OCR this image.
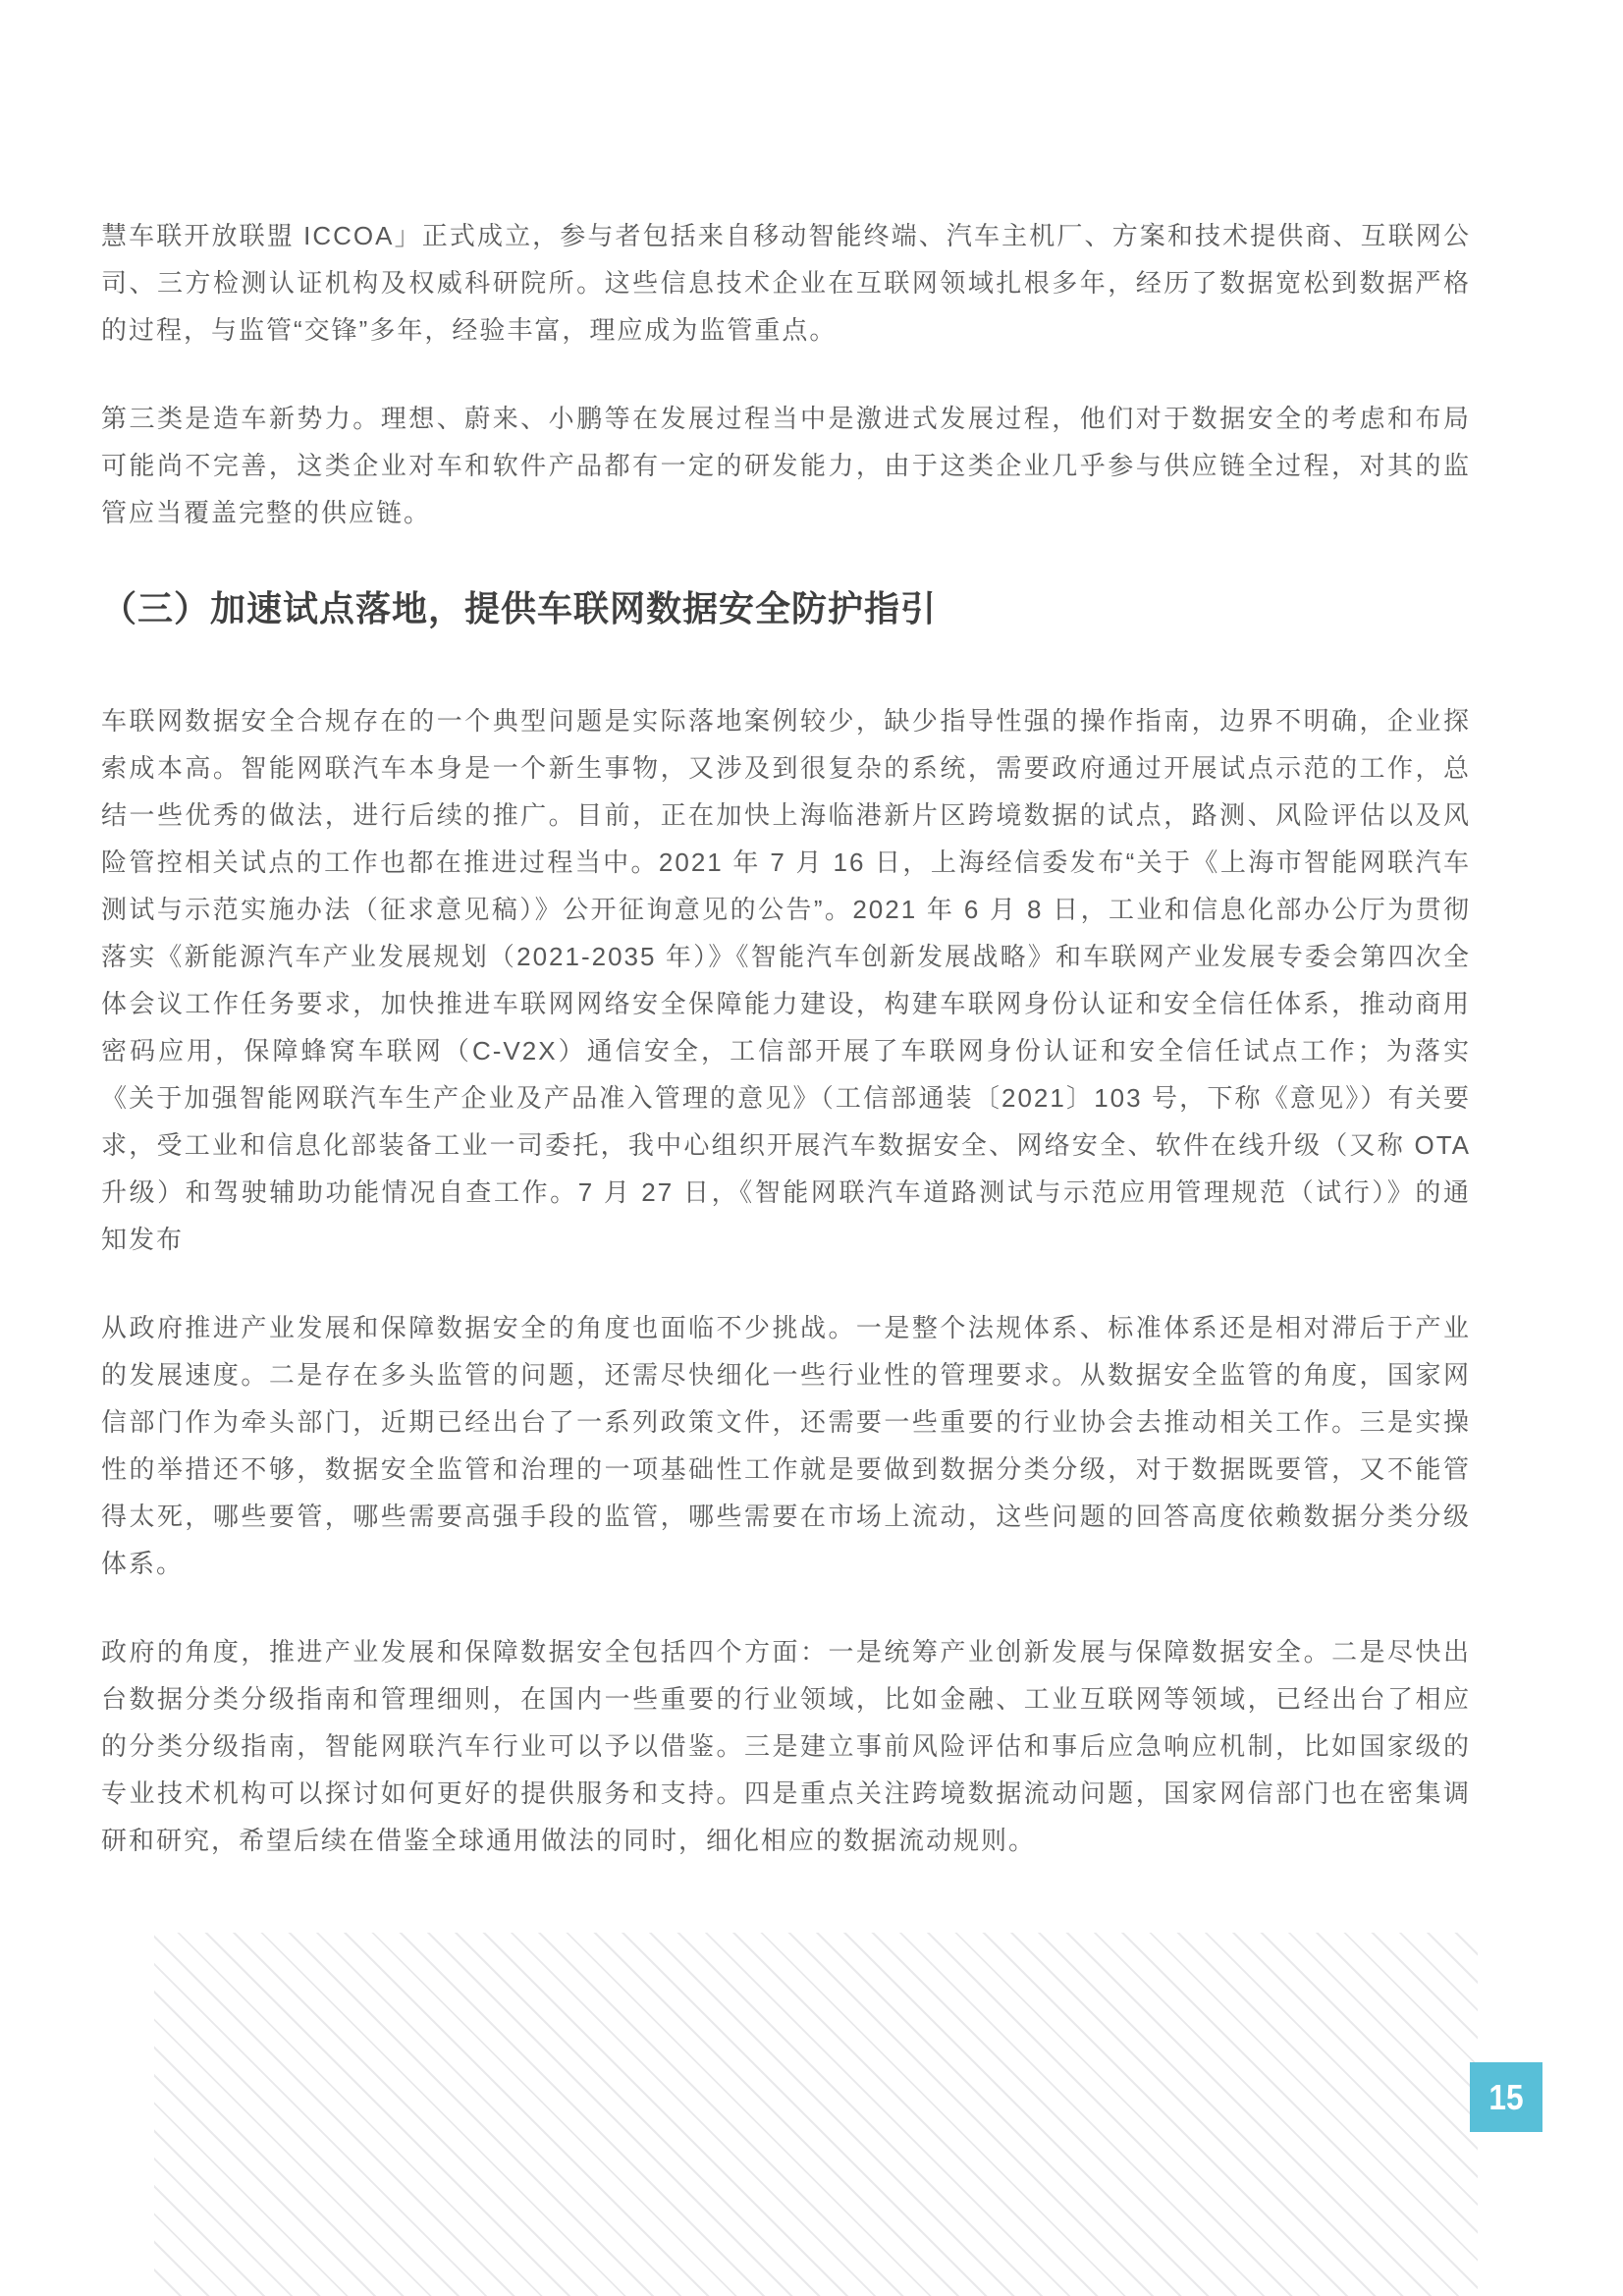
慧车联开放联盟 ICCOA」正式成立，参与者包括来自移动智能终端、汽车主机厂、方案和技术提供商、互联网公司、三方检测认证机构及权威科研院所。这些信息技术企业在互联网领域扎根多年，经历了数据宽松到数据严格的过程，与监管“交锋”多年，经验丰富，理应成为监管重点。

第三类是造车新势力。理想、蔚来、小鹏等在发展过程当中是激进式发展过程，他们对于数据安全的考虑和布局可能尚不完善，这类企业对车和软件产品都有一定的研发能力，由于这类企业几乎参与供应链全过程，对其的监管应当覆盖完整的供应链。

（三）加速试点落地，提供车联网数据安全防护指引

车联网数据安全合规存在的一个典型问题是实际落地案例较少，缺少指导性强的操作指南，边界不明确，企业探索成本高。智能网联汽车本身是一个新生事物，又涉及到很复杂的系统，需要政府通过开展试点示范的工作，总结一些优秀的做法，进行后续的推广。目前，正在加快上海临港新片区跨境数据的试点，路测、风险评估以及风险管控相关试点的工作也都在推进过程当中。2021 年 7 月 16 日，上海经信委发布“关于《上海市智能网联汽车测试与示范实施办法（征求意见稿）》公开征询意见的公告”。2021 年 6 月 8 日，工业和信息化部办公厅为贯彻落实《新能源汽车产业发展规划（2021-2035 年）》《智能汽车创新发展战略》和车联网产业发展专委会第四次全体会议工作任务要求，加快推进车联网网络安全保障能力建设，构建车联网身份认证和安全信任体系，推动商用密码应用，保障蜂窝车联网（C-V2X）通信安全，工信部开展了车联网身份认证和安全信任试点工作；为落实《关于加强智能网联汽车生产企业及产品准入管理的意见》（工信部通装〔2021〕103 号，下称《意见》）有关要求，受工业和信息化部装备工业一司委托，我中心组织开展汽车数据安全、网络安全、软件在线升级（又称 OTA 升级）和驾驶辅助功能情况自查工作。7 月 27 日，《智能网联汽车道路测试与示范应用管理规范（试行）》的通知发布

从政府推进产业发展和保障数据安全的角度也面临不少挑战。一是整个法规体系、标准体系还是相对滞后于产业的发展速度。二是存在多头监管的问题，还需尽快细化一些行业性的管理要求。从数据安全监管的角度，国家网信部门作为牵头部门，近期已经出台了一系列政策文件，还需要一些重要的行业协会去推动相关工作。三是实操性的举措还不够，数据安全监管和治理的一项基础性工作就是要做到数据分类分级，对于数据既要管，又不能管得太死，哪些要管，哪些需要高强手段的监管，哪些需要在市场上流动，这些问题的回答高度依赖数据分类分级体系。

政府的角度，推进产业发展和保障数据安全包括四个方面：一是统筹产业创新发展与保障数据安全。二是尽快出台数据分类分级指南和管理细则，在国内一些重要的行业领域，比如金融、工业互联网等领域，已经出台了相应的分类分级指南，智能网联汽车行业可以予以借鉴。三是建立事前风险评估和事后应急响应机制，比如国家级的专业技术机构可以探讨如何更好的提供服务和支持。四是重点关注跨境数据流动问题，国家网信部门也在密集调研和研究，希望后续在借鉴全球通用做法的同时，细化相应的数据流动规则。

15
